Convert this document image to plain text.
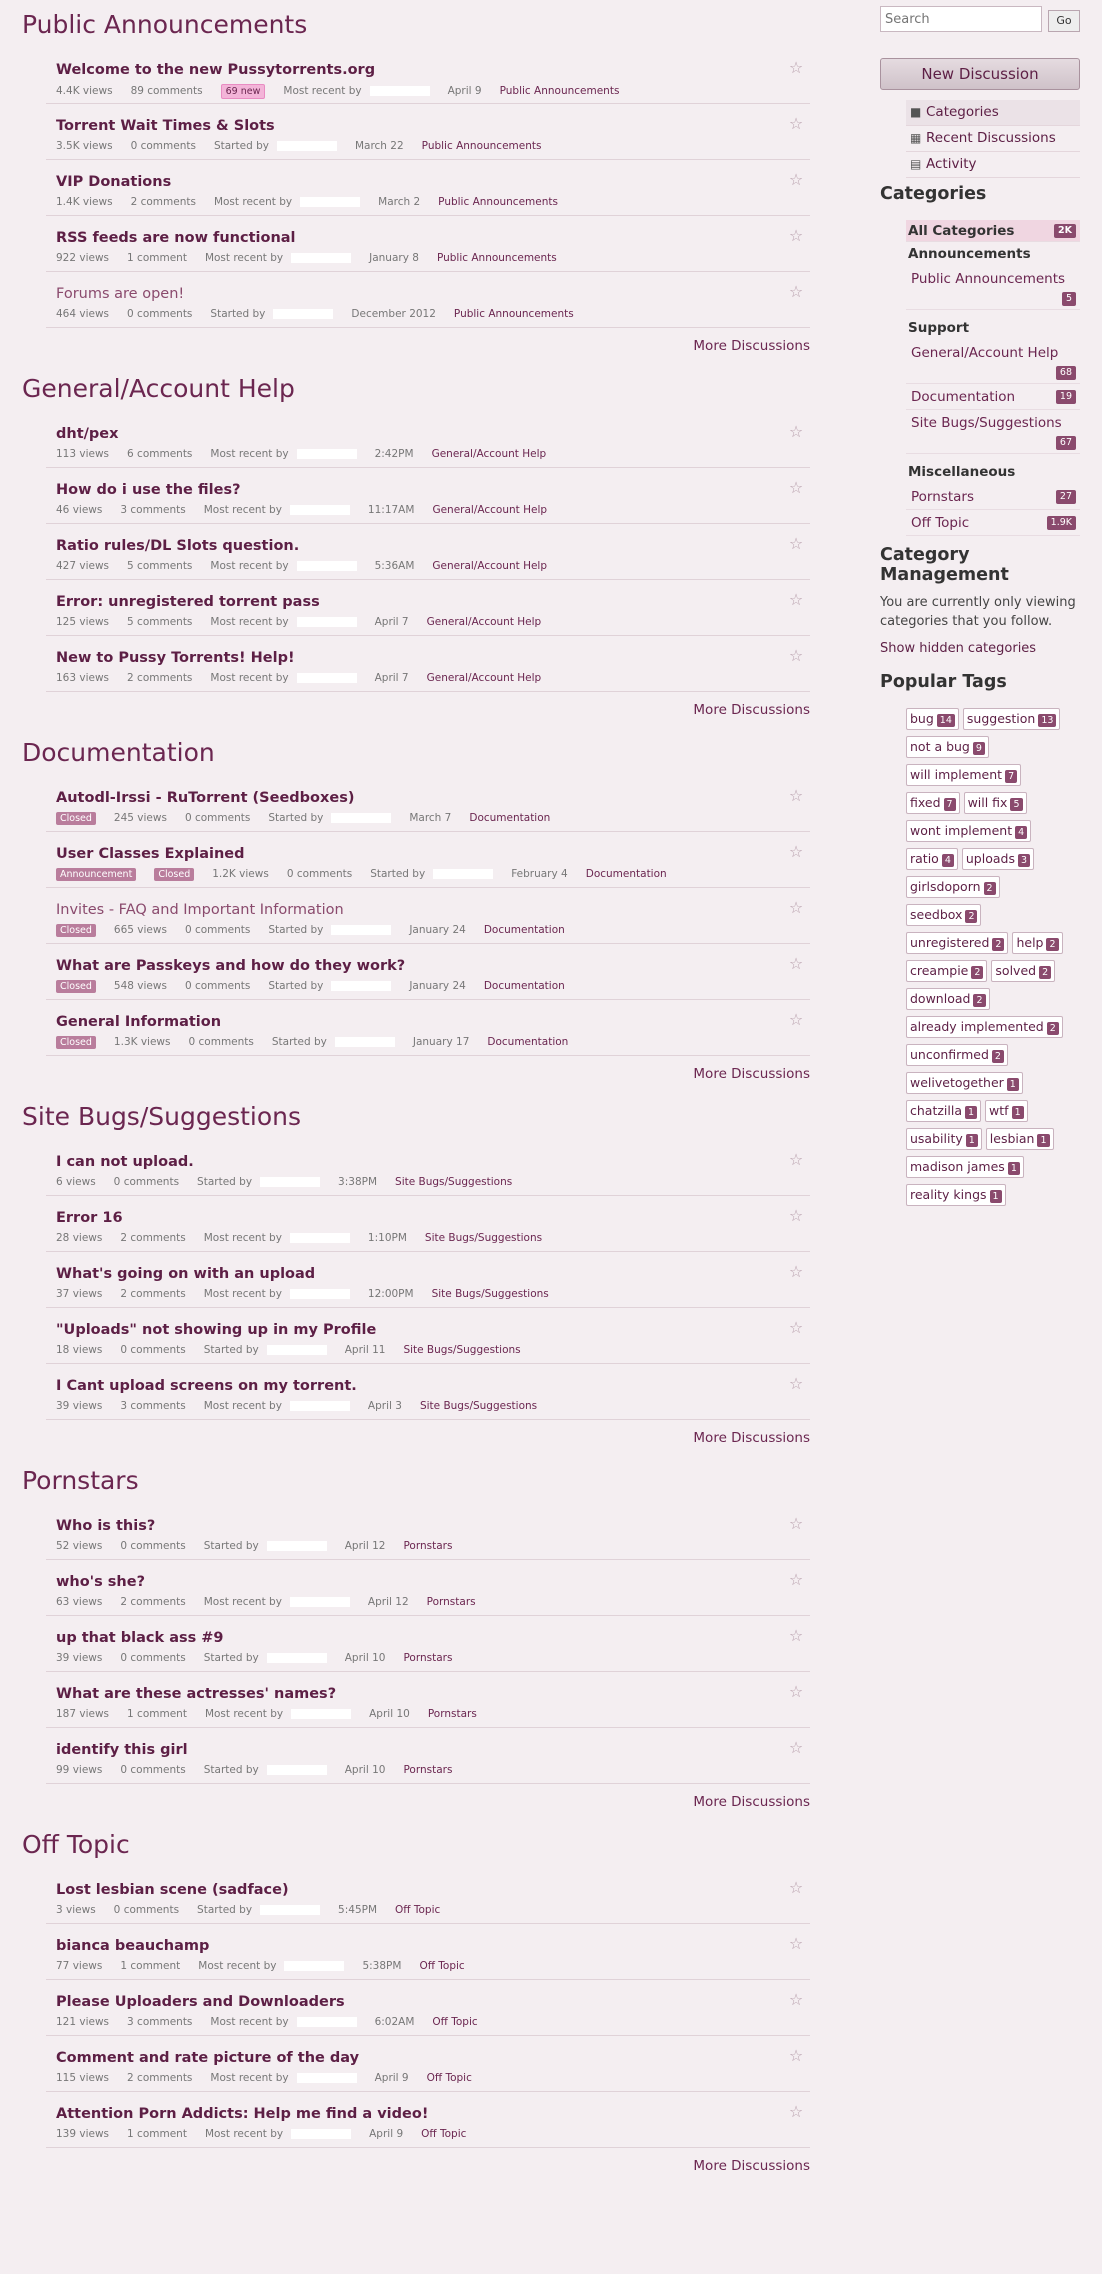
Public Announcements
Welcome to the new Pussytorrents.org
4.4K views 89 comments 69 new Most recent by	April 9 Public Announcements
☆
Torrent Wait Times & Slots
3.5K views 0 comments Started by	March 22 Public Announcements
☆
VIP Donations
1.4K views 2 comments Most recent by	March 2 Public Announcements
☆
RSS feeds are now functional
922 views 1 comment Most recent by	January 8 Public Announcements
☆
Forums are open!
464 views 0 comments Started by	December 2012 Public Announcements
☆
More Discussions
General/Account Help
dht/pex
113 views 6 comments Most recent by	2:42PM General/Account Help
☆
How do i use the files?
46 views 3 comments Most recent by	11:17AM General/Account Help
☆
Ratio rules/DL Slots question.
427 views 5 comments Most recent by	5:36AM General/Account Help
☆
Error: unregistered torrent pass
125 views 5 comments Most recent by	April 7 General/Account Help
☆
New to Pussy Torrents! Help!
163 views 2 comments Most recent by	April 7 General/Account Help
☆
More Discussions
Documentation
Autodl-Irssi - RuTorrent (Seedboxes)
Closed 245 views 0 comments Started by	March 7 Documentation
☆
User Classes Explained
Announcement	Closed 1.2K views 0 comments Started by	February 4 Documentation
☆
Invites - FAQ and Important Information
Closed 665 views 0 comments Started by	January 24 Documentation
☆
What are Passkeys and how do they work?
Closed 548 views 0 comments Started by	January 24 Documentation
☆
General Information
Closed 1.3K views 0 comments Started by	January 17 Documentation
☆
More Discussions
Site Bugs/Suggestions
I can not upload.
6 views 0 comments Started by	3:38PM Site Bugs/Suggestions
☆
Error 16
28 views 2 comments Most recent by	1:10PM Site Bugs/Suggestions
☆
What's going on with an upload
37 views 2 comments Most recent by	12:00PM Site Bugs/Suggestions
☆
"Uploads" not showing up in my Profile
18 views 0 comments Started by	April 11 Site Bugs/Suggestions
☆
I Cant upload screens on my torrent.
39 views 3 comments Most recent by	April 3 Site Bugs/Suggestions
☆
More Discussions
Pornstars
Who is this?
52 views 0 comments Started by	April 12 Pornstars
☆
who's she?
63 views 2 comments Most recent by	April 12 Pornstars
☆
up that black ass #9
39 views 0 comments Started by	April 10 Pornstars
☆
What are these actresses' names?
187 views 1 comment Most recent by	April 10 Pornstars
☆
identify this girl
99 views 0 comments Started by	April 10 Pornstars
☆
More Discussions
Off Topic
Lost lesbian scene (sadface)
3 views 0 comments Started by	5:45PM Off Topic
☆
bianca beauchamp
77 views 1 comment Most recent by	5:38PM Off Topic
☆
Please Uploaders and Downloaders
121 views 3 comments Most recent by	6:02AM Off Topic
☆
Comment and rate picture of the day
115 views 2 comments Most recent by	April 9 Off Topic
☆
Attention Porn Addicts: Help me find a video!
139 views 1 comment Most recent by	April 9 Off Topic
☆
More Discussions
Search
Go
New Discussion
■ Categories
▦ Recent Discussions
▤ Activity
Categories
All Categories	2K
Announcements
Public Announcements
5
Support
General/Account Help
68
Documentation	19
Site Bugs/Suggestions
67
Miscellaneous
Pornstars	27
Off Topic	1.9K
Category Management

You are currently only viewing categories that you follow.

Show hidden categories
Popular Tags
bug 14 suggestion 13
not a bug 9
will implement 7
fixed 7 will fix 5
wont implement 4
ratio 4 uploads 3
girlsdoporn 2
seedbox 2
unregistered 2 help 2
creampie 2 solved 2
download 2
already implemented 2
unconfirmed 2
welivetogether 1
chatzilla 1 wtf 1
usability 1 lesbian 1
madison james 1
reality kings 1
